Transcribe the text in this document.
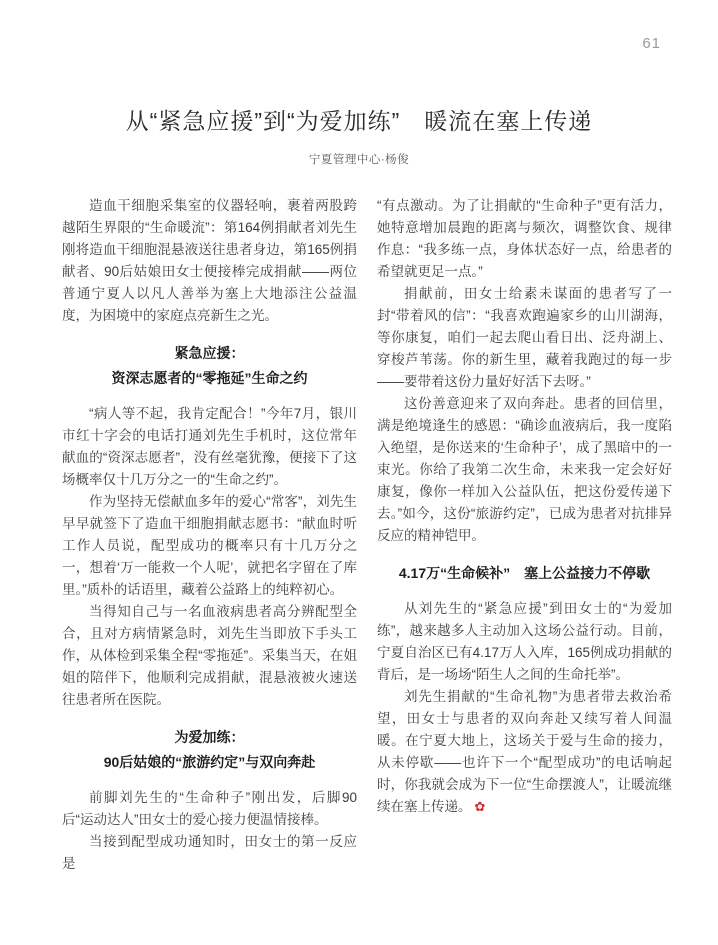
61
从“紧急应援”到“为爱加练”　暖流在塞上传递
宁夏管理中心·杨俊

造血干细胞采集室的仪器轻响，裹着两股跨越陌生界限的“生命暖流”：第164例捐献者刘先生刚将造血干细胞混悬液送往患者身边，第165例捐献者、90后姑娘田女士便接棒完成捐献——两位普通宁夏人以凡人善举为塞上大地添注公益温度，为困境中的家庭点亮新生之光。

紧急应援：
资深志愿者的“零拖延”生命之约

“病人等不起，我肯定配合！”今年7月，银川市红十字会的电话打通刘先生手机时，这位常年献血的“资深志愿者”，没有丝毫犹豫，便接下了这场概率仅十几万分之一的“生命之约”。

作为坚持无偿献血多年的爱心“常客”，刘先生早早就签下了造血干细胞捐献志愿书：“献血时听工作人员说，配型成功的概率只有十几万分之一，想着‘万一能救一个人呢’，就把名字留在了库里。”质朴的话语里，藏着公益路上的纯粹初心。

当得知自己与一名血液病患者高分辨配型全合，且对方病情紧急时，刘先生当即放下手头工作，从体检到采集全程“零拖延”。采集当天，在姐姐的陪伴下，他顺利完成捐献，混悬液被火速送往患者所在医院。

为爱加练：
90后姑娘的“旅游约定”与双向奔赴

前脚刘先生的“生命种子”刚出发，后脚90后“运动达人”田女士的爱心接力便温情接棒。

当接到配型成功通知时，田女士的第一反应是

“有点激动。为了让捐献的“生命种子”更有活力，她特意增加晨跑的距离与频次，调整饮食、规律作息：“我多练一点，身体状态好一点，给患者的希望就更足一点。”

捐献前，田女士给素未谋面的患者写了一封“带着风的信”：“我喜欢跑遍家乡的山川湖海，等你康复，咱们一起去爬山看日出、泛舟湖上、穿梭芦苇荡。你的新生里，藏着我跑过的每一步——要带着这份力量好好活下去呀。”

这份善意迎来了双向奔赴。患者的回信里，满是绝境逢生的感恩：“确诊血液病后，我一度陷入绝望，是你送来的‘生命种子’，成了黑暗中的一束光。你给了我第二次生命，未来我一定会好好康复，像你一样加入公益队伍，把这份爱传递下去。”如今，这份“旅游约定”，已成为患者对抗排异反应的精神铠甲。

4.17万“生命候补”　塞上公益接力不停歇

从刘先生的“紧急应援”到田女士的“为爱加练”，越来越多人主动加入这场公益行动。目前，宁夏自治区已有4.17万人入库，165例成功捐献的背后，是一场场“陌生人之间的生命托举”。

刘先生捐献的“生命礼物”为患者带去救治希望，田女士与患者的双向奔赴又续写着人间温暖。在宁夏大地上，这场关于爱与生命的接力，从未停歇——也许下一个“配型成功”的电话响起时，你我就会成为下一位“生命摆渡人”，让暖流继续在塞上传递。 ✿
